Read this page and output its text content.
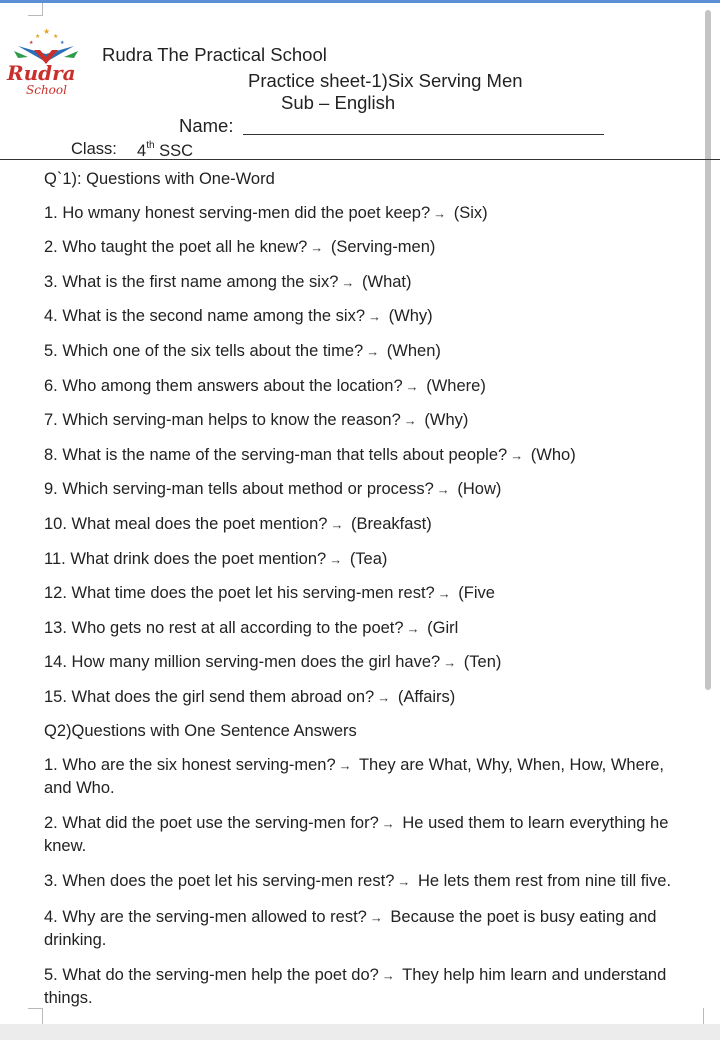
★
★ ★
★	★
Rudra
School
Rudra The Practical School
Practice sheet-1)Six Serving Men
Sub – English
Name:
Class: 4th SSC
Q`1): Questions with One-Word
1. Ho wmany honest serving-men did the poet keep? → (Six)
2. Who taught the poet all he knew? → (Serving-men)
3. What is the first name among the six? → (What)
4. What is the second name among the six? → (Why)
5. Which one of the six tells about the time? → (When)
6. Who among them answers about the location? → (Where)
7. Which serving-man helps to know the reason? → (Why)
8. What is the name of the serving-man that tells about people? → (Who)
9. Which serving-man tells about method or process? → (How)
10. What meal does the poet mention? → (Breakfast)
11. What drink does the poet mention? → (Tea)
12. What time does the poet let his serving-men rest? → (Five
13. Who gets no rest at all according to the poet? → (Girl
14. How many million serving-men does the girl have? → (Ten)
15. What does the girl send them abroad on? → (Affairs)
Q2)Questions with One Sentence Answers
1. Who are the six honest serving-men? → They are What, Why, When, How, Where, and Who.
2. What did the poet use the serving-men for? → He used them to learn everything he knew.
3. When does the poet let his serving-men rest? → He lets them rest from nine till five.
4. Why are the serving-men allowed to rest? → Because the poet is busy eating and drinking.
5. What do the serving-men help the poet do? → They help him learn and understand things.
